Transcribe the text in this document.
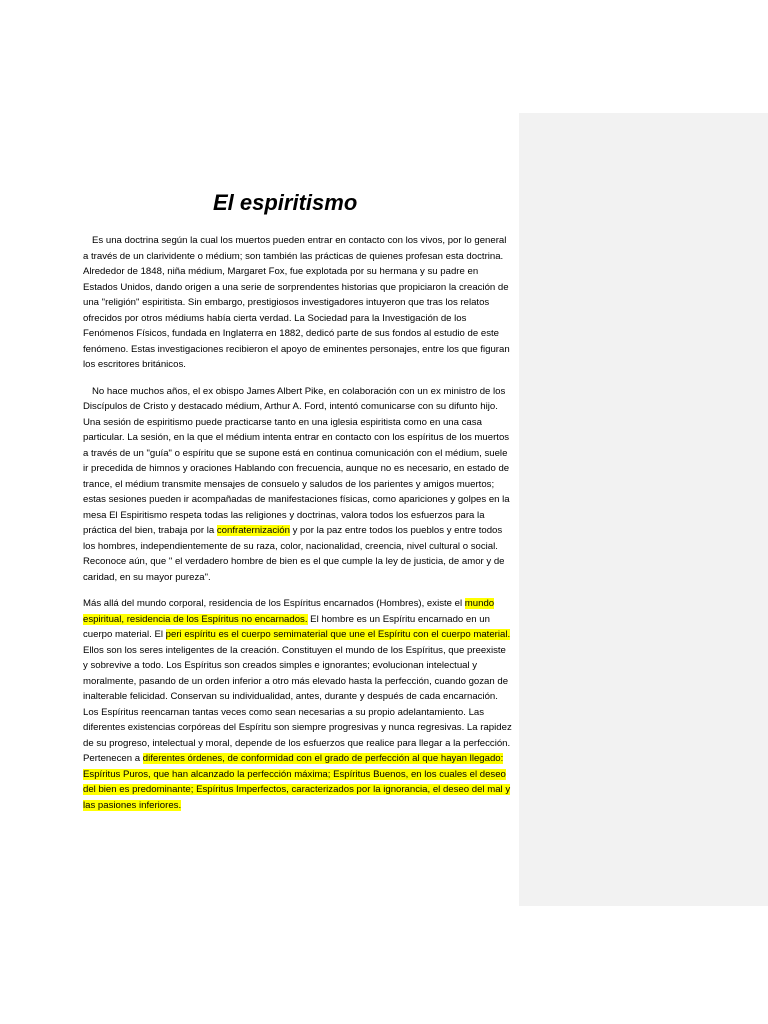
El espiritismo

Es una doctrina según la cual los muertos pueden entrar en contacto con los vivos, por lo general a través de un clarividente o médium; son también las prácticas de quienes profesan esta doctrina. Alrededor de 1848, niña médium, Margaret Fox, fue explotada por su hermana y su padre en Estados Unidos, dando origen a una serie de sorprendentes historias que propiciaron la creación de una "religión" espiritista. Sin embargo, prestigiosos investigadores intuyeron que tras los relatos ofrecidos por otros médiums había cierta verdad. La Sociedad para la Investigación de los Fenómenos Físicos, fundada en Inglaterra en 1882, dedicó parte de sus fondos al estudio de este fenómeno. Estas investigaciones recibieron el apoyo de eminentes personajes, entre los que figuran los escritores británicos.

No hace muchos años, el ex obispo James Albert Pike, en colaboración con un ex ministro de los Discípulos de Cristo y destacado médium, Arthur A. Ford, intentó comunicarse con su difunto hijo. Una sesión de espiritismo puede practicarse tanto en una iglesia espiritista como en una casa particular. La sesión, en la que el médium intenta entrar en contacto con los espíritus de los muertos a través de un "guía" o espíritu que se supone está en continua comunicación con el médium, suele ir precedida de himnos y oraciones Hablando con frecuencia, aunque no es necesario, en estado de trance, el médium transmite mensajes de consuelo y saludos de los parientes y amigos muertos; estas sesiones pueden ir acompañadas de manifestaciones físicas, como apariciones y golpes en la mesa El Espiritismo respeta todas las religiones y doctrinas, valora todos los esfuerzos para la práctica del bien, trabaja por la confraternización y por la paz entre todos los pueblos y entre todos los hombres, independientemente de su raza, color, nacionalidad, creencia, nivel cultural o social. Reconoce aún, que " el verdadero hombre de bien es el que cumple la ley de justicia, de amor y de caridad, en su mayor pureza".

Más allá del mundo corporal, residencia de los Espíritus encarnados (Hombres), existe el mundo espiritual, residencia de los Espíritus no encarnados. El hombre es un Espíritu encarnado en un cuerpo material. El peri espíritu es el cuerpo semimaterial que une el Espíritu con el cuerpo material. Ellos son los seres inteligentes de la creación. Constituyen el mundo de los Espíritus, que preexiste y sobrevive a todo. Los Espíritus son creados simples e ignorantes; evolucionan intelectual y moralmente, pasando de un orden inferior a otro más elevado hasta la perfección, cuando gozan de inalterable felicidad. Conservan su individualidad, antes, durante y después de cada encarnación. Los Espíritus reencarnan tantas veces como sean necesarias a su propio adelantamiento. Las diferentes existencias corpóreas del Espíritu son siempre progresivas y nunca regresivas. La rapidez de su progreso, intelectual y moral, depende de los esfuerzos que realice para llegar a la perfección. Pertenecen a diferentes órdenes, de conformidad con el grado de perfección al que hayan llegado: Espíritus Puros, que han alcanzado la perfección máxima; Espíritus Buenos, en los cuales el deseo del bien es predominante; Espíritus Imperfectos, caracterizados por la ignorancia, el deseo del mal y las pasiones inferiores.
